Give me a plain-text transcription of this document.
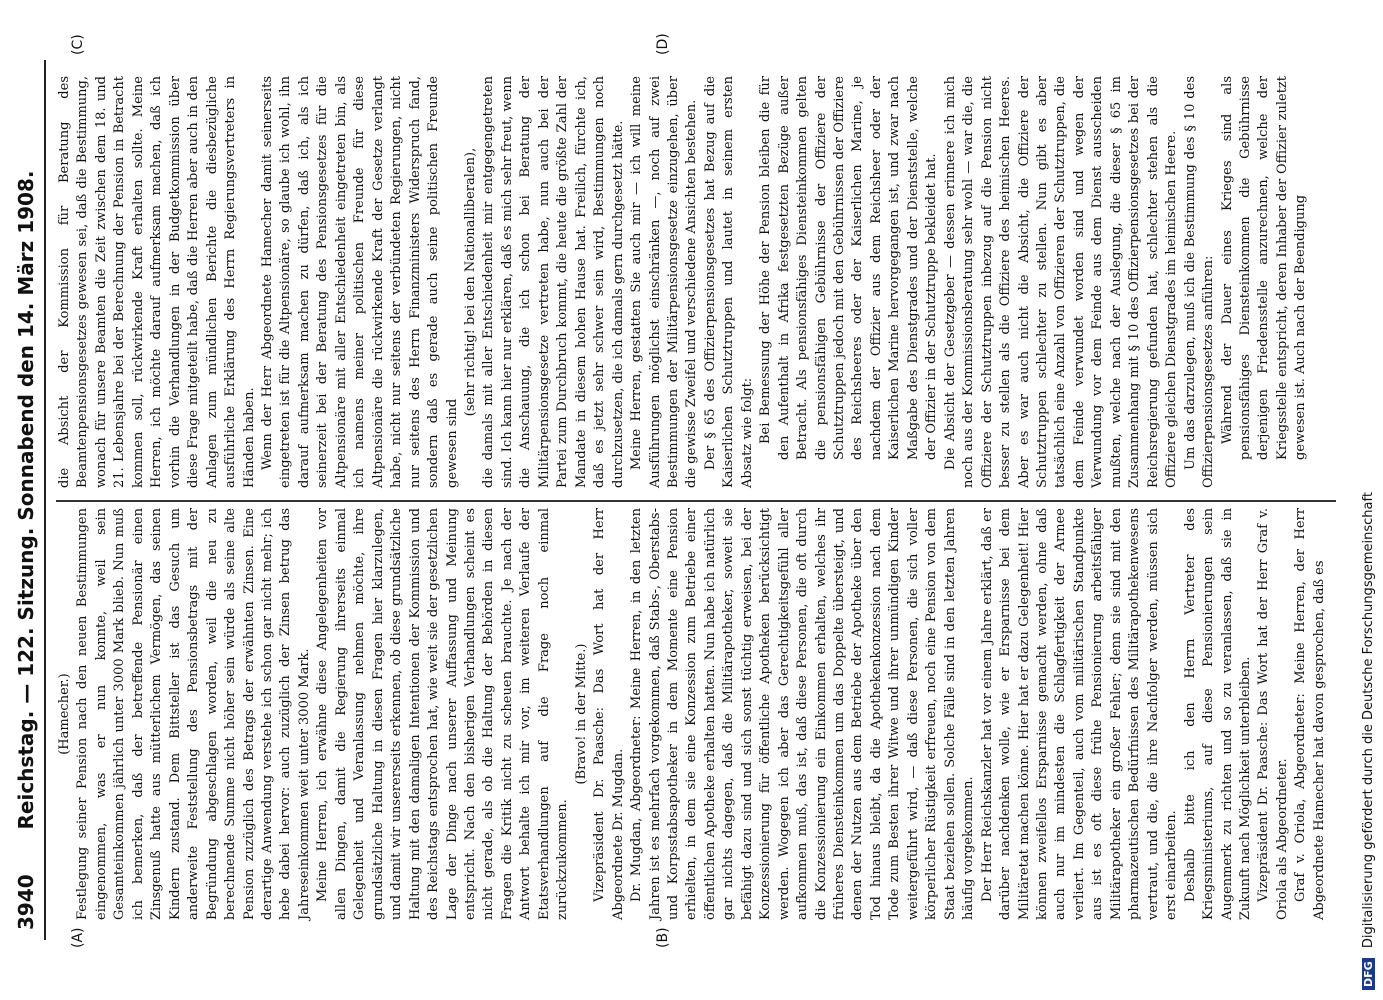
3940
Reichstag. — 122. Sitzung. Sonnabend den 14. März 1908.
(A)	(B)
(C)	(D)

(Hamecher.) Festlegung seiner Pension nach den neuen Bestimmungen eingenommen, was er nun konnte, weil sein Gesamteinkommen jährlich unter 3000 Mark blieb. Nun muß ich bemerken, daß der betreffende Pensionär einen Zinsgenuß hatte aus mütterlichem Vermögen, das seinen Kindern zustand. Dem Bittsteller ist das Gesuch um anderweite Feststellung des Pensionsbetrags mit der Begründung abgeschlagen worden, weil die neu zu berechnende Summe nicht höher sein würde als seine alte Pension zuzüglich des Betrags der erwähnten Zinsen. Eine derartige Anwendung verstehe ich schon gar nicht mehr; ich hebe dabei hervor: auch zuzüglich der Zinsen betrug das Jahreseinkommen weit unter 3000 Mark. Meine Herren, ich erwähne diese Angelegenheiten vor allen Dingen, damit die Regierung ihrerseits einmal Gelegenheit und Veranlassung nehmen möchte, ihre grundsätzliche Haltung in diesen Fragen hier klarzulegen, und damit wir unsererseits erkennen, ob diese grundsätzliche Haltung mit den damaligen Intentionen der Kommission und des Reichstags entsprochen hat, wie weit sie der gesetzlichen Lage der Dinge nach unserer Auffassung und Meinung entspricht. Nach den bisherigen Verhandlungen scheint es nicht gerade, als ob die Haltung der Behörden in diesen Fragen die Kritik nicht zu scheuen brauchte. Je nach der Antwort behalte ich mir vor, im weiteren Verlaufe der Etatsverhandlungen auf die Frage noch einmal zurückzukommen.

(Bravo! in der Mitte.) Vizepräsident Dr. Paasche: Das Wort hat der Herr Abgeordnete Dr. Mugdan. Dr. Mugdan, Abgeordneter: Meine Herren, in den letzten Jahren ist es mehrfach vorgekommen, daß Stabs-, Oberstabs- und Korpsstabsapotheker in dem Momente eine Pension erhielten, in dem sie eine Konzession zum Betriebe einer öffentlichen Apotheke erhalten hatten. Nun habe ich natürlich gar nichts dagegen, daß die Militärapotheker, soweit sie befähigt dazu sind und sich sonst tüchtig erweisen, bei der Konzessionierung für öffentliche Apotheken berücksichtigt werden. Wogegen ich aber das Gerechtigkeitsgefühl aller aufkommen muß, das ist, daß diese Personen, die oft durch die Konzessionierung ein Einkommen erhalten, welches ihr früheres Diensteinkommen um das Doppelte übersteigt, und denen der Nutzen aus dem Betriebe der Apotheke über den Tod hinaus bleibt, da die Apothekenkonzession nach dem Tode zum Besten ihrer Witwe und ihrer unmündigen Kinder weitergeführt wird, — daß diese Personen, die sich voller körperlicher Rüstigkeit erfreuen, noch eine Pension von dem Staat beziehen sollen. Solche Fälle sind in den letzten Jahren häufig vorgekommen. Der Herr Reichskanzler hat vor einem Jahre erklärt, daß er darüber nachdenken wolle, wie er Ersparnisse bei dem Militäretat machen könne. Hier hat er dazu Gelegenheit! Hier können zweifellos Ersparnisse gemacht werden, ohne daß auch nur im mindesten die Schlagfertigkeit der Armee verliert. Im Gegenteil, auch vom militärischen Standpunkte aus ist es oft diese frühe Pensionierung arbeitsfähiger Militärapotheker ein großer Fehler; denn sie sind mit den pharmazeutischen Bedürfnissen des Militärapothekenwesens vertraut, und die, die ihre Nachfolger werden, müssen sich erst einarbeiten. Deshalb bitte ich den Herrn Vertreter des Kriegsministeriums, auf diese Pensionierungen sein Augenmerk zu richten und so zu veranlassen, daß sie in Zukunft nach Möglichkeit unterbleiben. Vizepräsident Dr. Paasche: Das Wort hat der Herr Graf v. Oriola als Abgeordneter. Graf v. Oriola, Abgeordneter: Meine Herren, der Herr Abgeordnete Hamecher hat davon gesprochen, daß es

die Absicht der Kommission für Beratung des Beamtenpensionsgesetzes gewesen sei, daß die Bestimmung, wonach für unsere Beamten die Zeit zwischen dem 18. und 21. Lebensjahre bei der Berechnung der Pension in Betracht kommen soll, rückwirkende Kraft erhalten sollte. Meine Herren, ich möchte darauf aufmerksam machen, daß ich vorhin die Verhandlungen in der Budgetkommission über diese Frage mitgeteilt habe, daß die Herren aber auch in den Anlagen zum mündlichen Berichte die diesbezügliche ausführliche Erklärung des Herrn Regierungsvertreters in Händen haben. Wenn der Herr Abgeordnete Hamecher damit seinerseits eingetreten ist für die Altpensionäre, so glaube ich wohl, ihn darauf aufmerksam machen zu dürfen, daß ich, als ich seinerzeit bei der Beratung des Pensionsgesetzes für die Altpensionäre mit aller Entschiedenheit eingetreten bin, als ich namens meiner politischen Freunde für diese Altpensionäre die rückwirkende Kraft der Gesetze verlangt habe, nicht nur seitens der verbündeten Regierungen, nicht nur seitens des Herrn Finanzministers Widerspruch fand, sondern daß es gerade auch seine politischen Freunde gewesen sind

(sehr richtig! bei den Nationalliberalen), die damals mit aller Entschiedenheit mir entgegengetreten sind. Ich kann hier nur erklären, daß es mich sehr freut, wenn die Anschauung, die ich schon bei Beratung der Militärpensionsgesetze vertreten habe, nun auch bei der Partei zum Durchbruch kommt, die heute die größte Zahl der Mandate in diesem hohen Hause hat. Freilich, fürchte ich, daß es jetzt sehr schwer sein wird, Bestimmungen noch durchzusetzen, die ich damals gern durchgesetzt hätte. Meine Herren, gestatten Sie auch mir — ich will meine Ausführungen möglichst einschränken —, noch auf zwei Bestimmungen der Militärpensionsgesetze einzugehen, über die gewisse Zweifel und verschiedene Ansichten bestehen. Der § 65 des Offizierpensionsgesetzes hat Bezug auf die Kaiserlichen Schutztruppen und lautet in seinem ersten Absatz wie folgt: Bei Bemessung der Höhe der Pension bleiben die für den Aufenthalt in Afrika festgesetzten Bezüge außer Betracht. Als pensionsfähiges Diensteinkommen gelten die pensionsfähigen Gebührnisse der Offiziere der Schutztruppen jedoch mit den Gebührnissen der Offiziere des Reichsheeres oder der Kaiserlichen Marine, je nachdem der Offizier aus dem Reichsheer oder der Kaiserlichen Marine hervorgegangen ist, und zwar nach Maßgabe des Dienstgrades und der Dienststelle, welche der Offizier in der Schutztruppe bekleidet hat. Die Absicht der Gesetzgeber — dessen erinnere ich mich noch aus der Kommissionsberatung sehr wohl — war die, die Offiziere der Schutztruppen inbezug auf die Pension nicht besser zu stellen als die Offiziere des heimischen Heeres. Aber es war auch nicht die Absicht, die Offiziere der Schutztruppen schlechter zu stellen. Nun gibt es aber tatsächlich eine Anzahl von Offizieren der Schutztruppen, die dem Feinde verwundet worden sind und wegen der Verwundung vor dem Feinde aus dem Dienst ausscheiden mußten, welche nach der Auslegung, die dieser § 65 im Zusammenhang mit § 10 des Offizierpensionsgesetzes bei der Reichsregierung gefunden hat, schlechter stehen als die Offiziere gleichen Dienstgrades im heimischen Heere. Um das darzulegen, muß ich die Bestimmung des § 10 des Offizierpensionsgesetzes anführen: Während der Dauer eines Krieges sind als pensionsfähiges Diensteinkommen die Gebührnisse derjenigen Friedensstelle anzurechnen, welche der Kriegsstelle entspricht, deren Inhaber der Offizier zuletzt gewesen ist. Auch nach der Beendigung

DFG Digitalisierung gefördert durch die Deutsche Forschungsgemeinschaft
